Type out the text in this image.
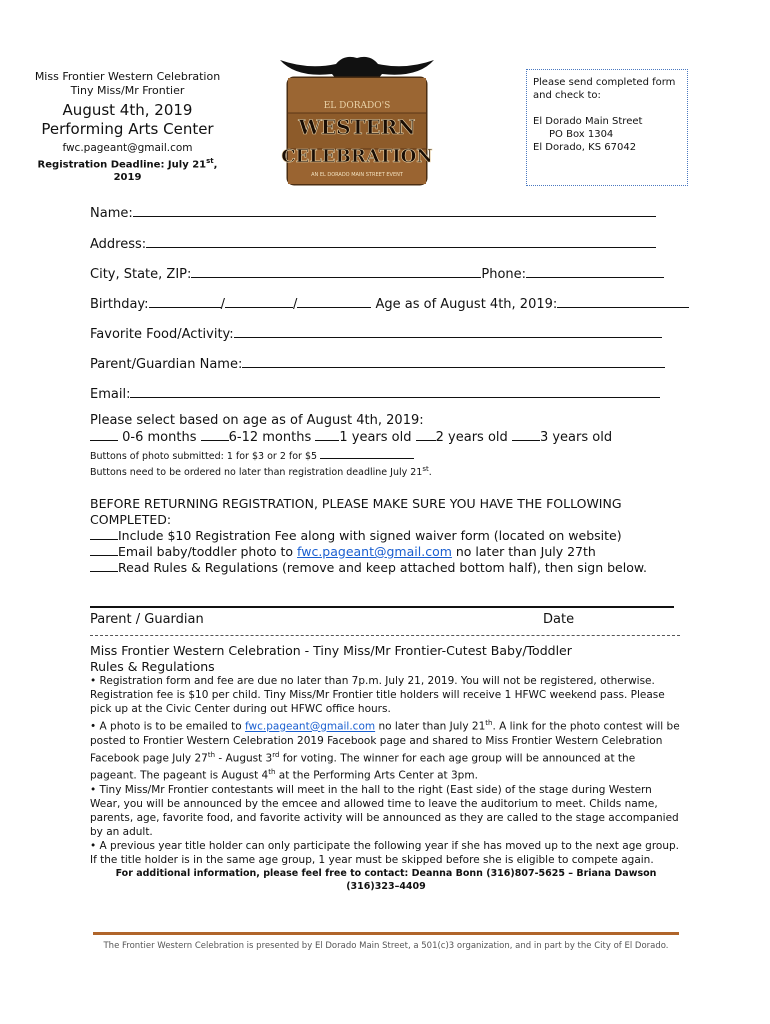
Miss Frontier Western Celebration
Tiny Miss/Mr Frontier
August 4th, 2019
Performing Arts Center
fwc.pageant@gmail.com
Registration Deadline: July 21st,
2019
EL DORADO'S
WESTERN
CELEBRATION
AN EL DORADO MAIN STREET EVENT
Please send completed form
and check to:
El Dorado Main Street
PO Box 1304
El Dorado, KS 67042
Name:
Address:
City, State, ZIP:	Phone:
Birthday:	/	/	Age as of August 4th, 2019:
Favorite Food/Activity:
Parent/Guardian Name:
Email:
Please select based on age as of August 4th, 2019:
0-6 months 6-12 months 1 years old 2 years old 3 years old
Buttons of photo submitted: 1 for $3 or 2 for $5
Buttons need to be ordered no later than registration deadline July 21st.
BEFORE RETURNING REGISTRATION, PLEASE MAKE SURE YOU HAVE THE FOLLOWING
COMPLETED:
Include $10 Registration Fee along with signed waiver form (located on website)
Email baby/toddler photo to fwc.pageant@gmail.com no later than July 27th
Read Rules & Regulations (remove and keep attached bottom half), then sign below.
Parent / Guardian	Date
Miss Frontier Western Celebration - Tiny Miss/Mr Frontier-Cutest Baby/Toddler
Rules & Regulations

• Registration form and fee are due no later than 7p.m. July 21, 2019. You will not be registered, otherwise. Registration fee is $10 per child. Tiny Miss/Mr Frontier title holders will receive 1 HFWC weekend pass. Please pick up at the Civic Center during out HFWC office hours.

• A photo is to be emailed to fwc.pageant@gmail.com no later than July 21th. A link for the photo contest will be posted to Frontier Western Celebration 2019 Facebook page and shared to Miss Frontier Western Celebration Facebook page July 27th - August 3rd for voting. The winner for each age group will be announced at the pageant. The pageant is August 4th at the Performing Arts Center at 3pm.

• Tiny Miss/Mr Frontier contestants will meet in the hall to the right (East side) of the stage during Western Wear, you will be announced by the emcee and allowed time to leave the auditorium to meet. Childs name, parents, age, favorite food, and favorite activity will be announced as they are called to the stage accompanied by an adult.

• A previous year title holder can only participate the following year if she has moved up to the next age group. If the title holder is in the same age group, 1 year must be skipped before she is eligible to compete again.

For additional information, please feel free to contact: Deanna Bonn (316)807-5625 – Briana Dawson
(316)323–4409

The Frontier Western Celebration is presented by El Dorado Main Street, a 501(c)3 organization, and in part by the City of El Dorado.
